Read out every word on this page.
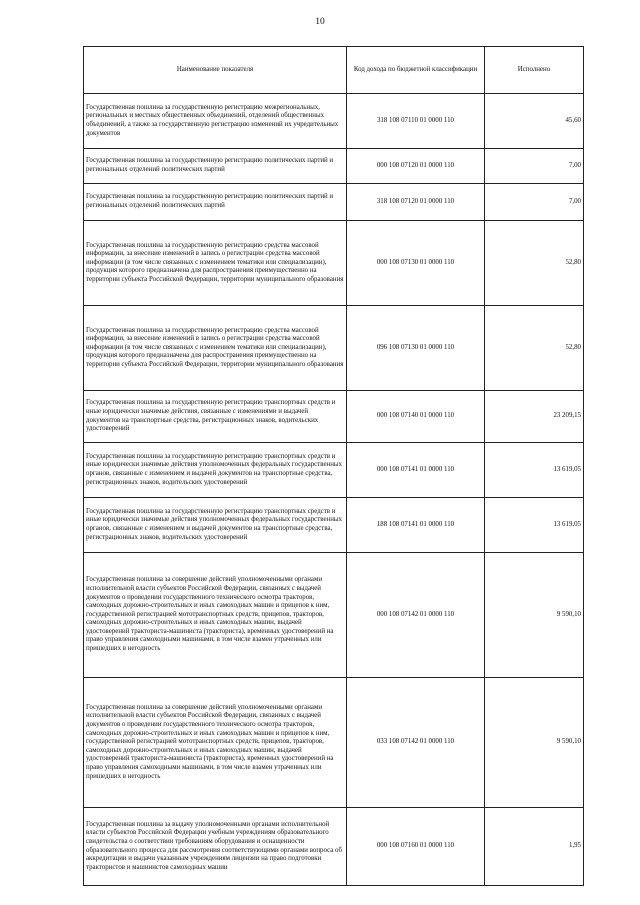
10
Наименование показателя	Код дохода по бюджетной классификации	Исполнено
Государственная пошлина за государственную регистрацию межрегиональных, региональных и местных общественных объединений, отделений общественных объединений, а также за государственную регистрацию изменений их учредительных документов	318 108 07110 01 0000 110	45,60
Государственная пошлина за государственную регистрацию политических партий и региональных отделений политических партий	000 108 07120 01 0000 110	7,00
Государственная пошлина за государственную регистрацию политических партий и региональных отделений политических партий	318 108 07120 01 0000 110	7,00
Государственная пошлина за государственную регистрацию средства массовой информации, за внесение изменений в запись о регистрации средства массовой информации (в том числе связанных с изменением тематики или специализации), продукция которого предназначена для распространения преимущественно на территории субъекта Российской Федерации, территории муниципального образования	000 108 07130 01 0000 110	52,80
Государственная пошлина за государственную регистрацию средства массовой информации, за внесение изменений в запись о регистрации средства массовой информации (в том числе связанных с изменением тематики или специализации), продукция которого предназначена для распространения преимущественно на территории субъекта Российской Федерации, территории муниципального образования	096 108 07130 01 0000 110	52,80
Государственная пошлина за государственную регистрацию транспортных средств и иные юридически значимые действия, связанные с изменениями и выдачей документов на транспортные средства, регистрационных знаков, водительских удостоверений	000 108 07140 01 0000 110	23 209,15
Государственная пошлина за государственную регистрацию транспортных средств и иные юридически значимые действия уполномоченных федеральных государственных органов, связанные с изменением и выдачей документов на транспортные средства, регистрационных знаков, водительских удостоверений	000 108 07141 01 0000 110	13 619,05
Государственная пошлина за государственную регистрацию транспортных средств и иные юридически значимые действия уполномоченных федеральных государственных органов, связанные с изменением и выдачей документов на транспортные средства, регистрационных знаков, водительских удостоверений	188 108 07141 01 0000 110	13 619,05
Государственная пошлина за совершение действий уполномоченными органами исполнительной власти субъектов Российской Федерации, связанных с выдачей документов о проведении государственного технического осмотра тракторов, самоходных дорожно-строительных и иных самоходных машин и прицепов к ним, государственной регистрацией мототранспортных средств, прицепов, тракторов, самоходных дорожно-строительных и иных самоходных машин, выдачей удостоверений тракториста-машиниста (тракториста), временных удостоверений на право управления самоходными машинами, в том числе взамен утраченных или пришедших в негодность	000 108 07142 01 0000 110	9 590,10
Государственная пошлина за совершение действий уполномоченными органами исполнительной власти субъектов Российской Федерации, связанных с выдачей документов о проведении государственного технического осмотра тракторов, самоходных дорожно-строительных и иных самоходных машин и прицепов к ним, государственной регистрацией мототранспортных средств, прицепов, тракторов, самоходных дорожно-строительных и иных самоходных машин, выдачей удостоверений тракториста-машиниста (тракториста), временных удостоверений на право управления самоходными машинами, в том числе взамен утраченных или пришедших в негодность	033 108 07142 01 0000 110	9 590,10
Государственная пошлина за выдачу уполномоченными органами исполнительной власти субъектов Российской Федерации учебным учреждениям образовательного свидетельства о соответствии требованиям оборудования и оснащенности образовательного процесса для рассмотрения соответствующими органами вопроса об аккредитации и выдачи указанным учреждениям лицензии на право подготовки трактористов и машинистов самоходных машин	000 108 07160 01 0000 110	1,95
